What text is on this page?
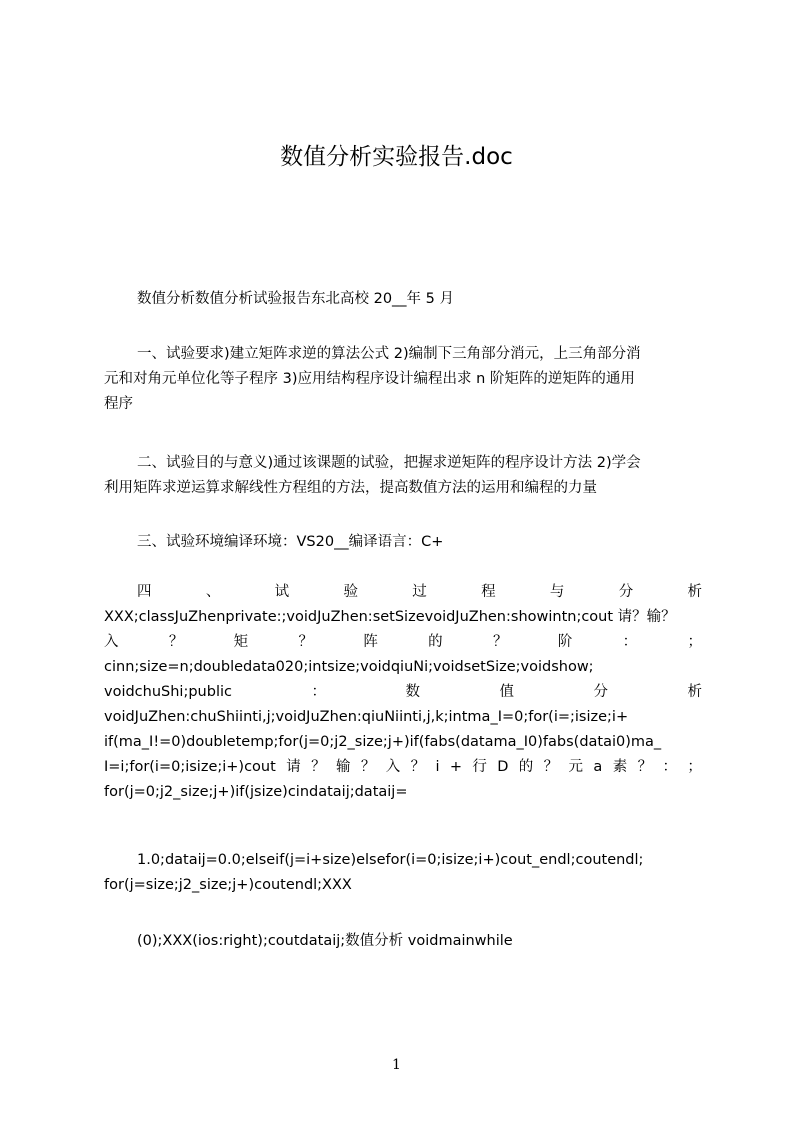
数值分析实验报告.doc
数值分析数值分析试验报告东北高校 20__年 5 月
一、试验要求)建立矩阵求逆的算法公式 2)编制下三角部分消元，上三角部分消
元和对角元单位化等子程序 3)应用结构程序设计编程出求 n 阶矩阵的逆矩阵的通用
程序
二、试验目的与意义)通过该课题的试验，把握求逆矩阵的程序设计方法 2)学会
利用矩阵求逆运算求解线性方程组的方法，提高数值方法的运用和编程的力量
三、试验环境编译环境：VS20__编译语言：C+
四	、	试	验	过	程	与	分	析
XXX;classJuZhenprivate:;voidJuZhen:setSizevoidJuZhen:showintn;cout 请？输？
入	？	矩	？	阵	的	？	阶	：	；
cinn;size=n;doubledata020;intsize;voidqiuNi;voidsetSize;voidshow;
voidchuShi;public	：	数	值	分	析
voidJuZhen:chuShiinti,j;voidJuZhen:qiuNiinti,j,k;intma_I=0;for(i=;isize;i+
if(ma_I!=0)doubletemp;for(j=0;j2_size;j+)if(fabs(datama_I0)fabs(datai0)ma_
I=i;for(i=0;isize;i+)cout 请 ？ 输 ？ 入 ？ i + 行 D 的 ？ 元 a 素 ？ ： ；
for(j=0;j2_size;j+)if(jsize)cindataij;dataij=
1.0;dataij=0.0;elseif(j=i+size)elsefor(i=0;isize;i+)cout_endl;coutendl;
for(j=size;j2_size;j+)coutendl;XXX
(0);XXX(ios:right);coutdataij;数值分析 voidmainwhile
1
